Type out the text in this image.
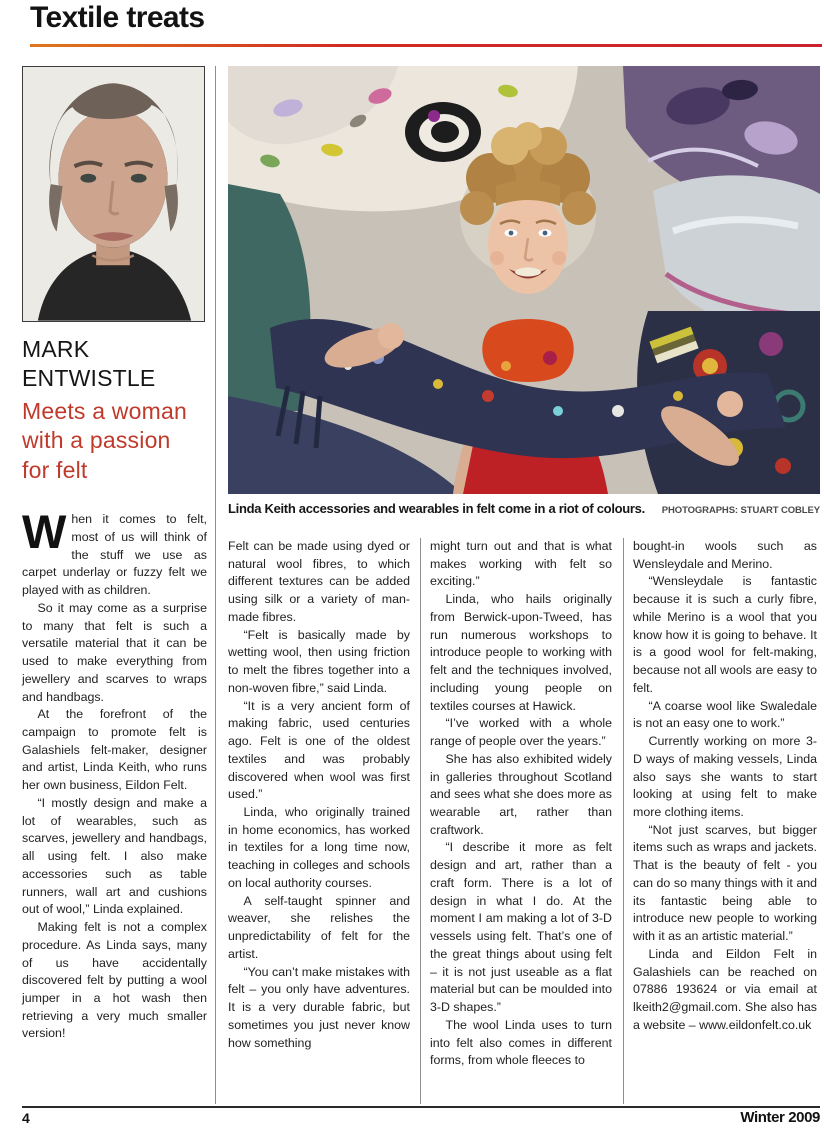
Textile treats
MARK ENTWISTLE
Meets a woman with a passion for felt

When it comes to felt, most of us will think of the stuff we use as carpet underlay or fuzzy felt we played with as children.

So it may come as a surprise to many that felt is such a versatile material that it can be used to make everything from jewellery and scarves to wraps and handbags.

At the forefront of the campaign to promote felt is Galashiels felt-maker, designer and artist, Linda Keith, who runs her own business, Eildon Felt.

“I mostly design and make a lot of wearables, such as scarves, jewellery and handbags, all using felt. I also make accessories such as table runners, wall art and cushions out of wool,” Linda explained.

Making felt is not a complex procedure. As Linda says, many of us have accidentally discovered felt by putting a wool jumper in a hot wash then retrieving a very much smaller version!

Linda Keith accessories and wearables in felt come in a riot of colours. PHOTOGRAPHS: STUART COBLEY

Felt can be made using dyed or natural wool fibres, to which different textures can be added using silk or a variety of man-made fibres.

“Felt is basically made by wetting wool, then using friction to melt the fibres together into a non-woven fibre,” said Linda.

“It is a very ancient form of making fabric, used centuries ago. Felt is one of the oldest textiles and was probably discovered when wool was first used.”

Linda, who originally trained in home economics, has worked in textiles for a long time now, teaching in colleges and schools on local authority courses.

A self-taught spinner and weaver, she relishes the unpredictability of felt for the artist.

“You can’t make mistakes with felt – you only have adventures. It is a very durable fabric, but sometimes you just never know how something

might turn out and that is what makes working with felt so exciting.”

Linda, who hails originally from Berwick-upon-Tweed, has run numerous workshops to introduce people to working with felt and the techniques involved, including young people on textiles courses at Hawick.

“I’ve worked with a whole range of people over the years.”

She has also exhibited widely in galleries throughout Scotland and sees what she does more as wearable art, rather than craftwork.

“I describe it more as felt design and art, rather than a craft form. There is a lot of design in what I do. At the moment I am making a lot of 3-D vessels using felt. That’s one of the great things about using felt – it is not just useable as a flat material but can be moulded into 3-D shapes.”

The wool Linda uses to turn into felt also comes in different forms, from whole fleeces to

bought-in wools such as Wensleydale and Merino.

“Wensleydale is fantastic because it is such a curly fibre, while Merino is a wool that you know how it is going to behave. It is a good wool for felt-making, because not all wools are easy to felt.

“A coarse wool like Swaledale is not an easy one to work.”

Currently working on more 3-D ways of making vessels, Linda also says she wants to start looking at using felt to make more clothing items.

“Not just scarves, but bigger items such as wraps and jackets. That is the beauty of felt - you can do so many things with it and its fantastic being able to introduce new people to working with it as an artistic material.”

Linda and Eildon Felt in Galashiels can be reached on 07886 193624 or via email at lkeith2@gmail.com. She also has a website – www.eildonfelt.co.uk

4	Winter 2009
